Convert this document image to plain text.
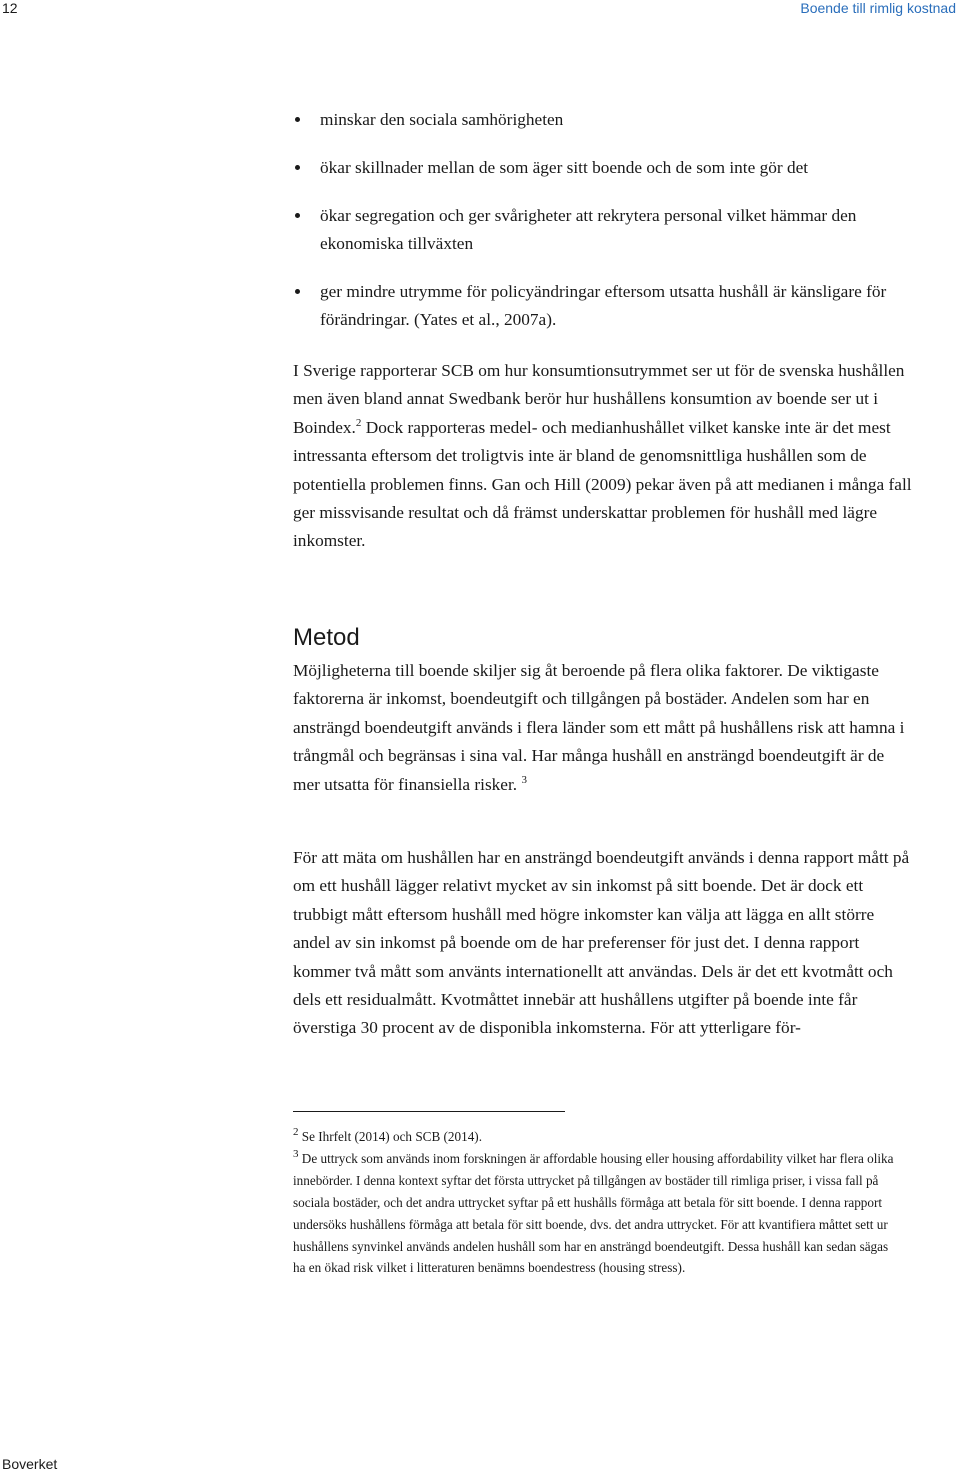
12	Boende till rimlig kostnad
minskar den sociala samhörigheten
ökar skillnader mellan de som äger sitt boende och de som inte gör det
ökar segregation och ger svårigheter att rekrytera personal vilket hämmar den ekonomiska tillväxten
ger mindre utrymme för policyändringar eftersom utsatta hushåll är känsligare för förändringar. (Yates et al., 2007a).

I Sverige rapporterar SCB om hur konsumtionsutrymmet ser ut för de svenska hushållen men även bland annat Swedbank berör hur hushållens konsumtion av boende ser ut i Boindex.$^2$ Dock rapporteras medel- och medianhushållet vilket kanske inte är det mest intressanta eftersom det troligtvis inte är bland de genomsnittliga hushållen som de potentiella problemen finns. Gan och Hill (2009) pekar även på att medianen i många fall ger missvisande resultat och då främst underskattar problemen för hushåll med lägre inkomster.

Metod

Möjligheterna till boende skiljer sig åt beroende på flera olika faktorer. De viktigaste faktorerna är inkomst, boendeutgift och tillgången på bostäder. Andelen som har en ansträngd boendeutgift används i flera länder som ett mått på hushållens risk att hamna i trångmål och begränsas i sina val. Har många hushåll en ansträngd boendeutgift är de mer utsatta för finansiella risker. $^3$

För att mäta om hushållen har en ansträngd boendeutgift används i denna rapport mått på om ett hushåll lägger relativt mycket av sin inkomst på sitt boende. Det är dock ett trubbigt mått eftersom hushåll med högre inkomster kan välja att lägga en allt större andel av sin inkomst på boende om de har preferenser för just det. I denna rapport kommer två mått som använts internationellt att användas. Dels är det ett kvotmått och dels ett residualmått. Kvotmåttet innebär att hushållens utgifter på boende inte får överstiga 30 procent av de disponibla inkomsterna. För att ytterligare för-

$^2$ Se Ihrfelt (2014) och SCB (2014).

$^3$ De uttryck som används inom forskningen är affordable housing eller housing affordability vilket har flera olika innebörder. I denna kontext syftar det första uttrycket på tillgången av bostäder till rimliga priser, i vissa fall på sociala bostäder, och det andra uttrycket syftar på ett hushålls förmåga att betala för sitt boende. I denna rapport undersöks hushållens förmåga att betala för sitt boende, dvs. det andra uttrycket. För att kvantifiera måttet sett ur hushållens synvinkel används andelen hushåll som har en ansträngd boendeutgift. Dessa hushåll kan sedan sägas ha en ökad risk vilket i litteraturen benämns boendestress (housing stress).

Boverket
